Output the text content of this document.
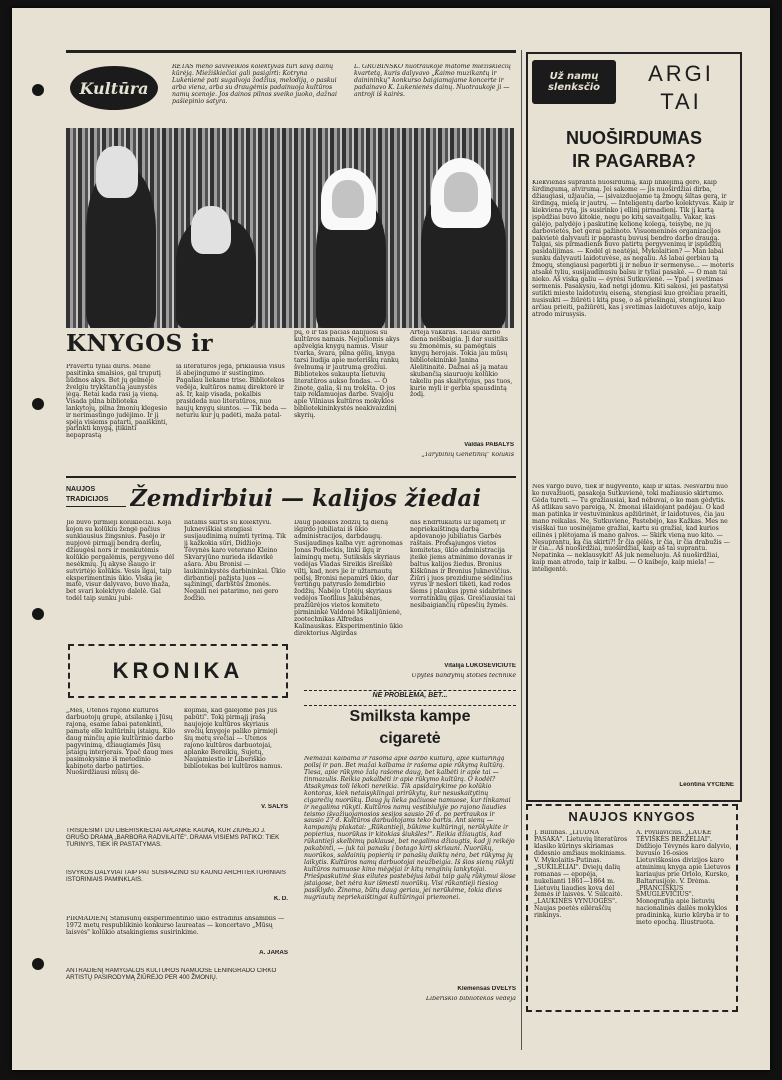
Kultūra
RETAS meno saviveiklos kolektyvas turi savą dainų kūrėją. Miežiškiečiai gali pasigirti: Kotryna Lukenienė pati sugalvoja žodžius, melodiją, o paskui arba viena, arba su draugėmis padainuoja kultūros namų scenoje. Jos dainos pilnos sveiko juoko, dažnai pašiepinio satyra.
L. GRUBINSKO nuotraukoje matome miežiškiečių kvartetą, kuris dalyvavo „Kaimo muzikantų ir dainininkų" konkurso baigiamajame koncerte ir padainavo K. Lukenienės dainų. Nuotraukoje ji — antroji iš kairės.
KNYGOS ir
Pravertu tyliai duris. Mane pasitinka smalsios, gal truputį liūdnos akys. Bet jų gelmėje žvelgiu trykštančią jaunystės jėgą. Retai kada rasi ją vieną. Visada pilna biblioteka lankytojų, pilna žmonių klegesio ir nerimastingo judėjimo. Ir jį spėja visiems patarti, paaiškinti, parinkti knygą, įtikinti nepaprastą
la literatūros jėga, priklausia visus iš abejingumo ir sustingimo. Pagaliau liekame trise. Bibliotekos vedėja, kultūros namų direktorė ir aš. Ir, kaip visada, pokalbis prasideda nuo literatūros, nuo naujų knygų siuntos. — Tik beda — neturiu kur jų padėti, maža patal-
pų, o ir tas pačias dalijuosi su kultūros namais. Nejučiomis akys apžvelgia knygų namus. Visur tvarka, švara, pilna gėlių, knyga tarsi liudija apie moteriškų rankų švelnumą ir jautrumą grožiui. Bibliotekos sukaupta lietuvių literatūros aukso fondas. — O žinote, galia, ši nų trokšta. O jos taip reklamuojas darbe. Svajoju apie Vilniaus kultūros mokyklos bibliotekininkystės neakivaizdinį skyrių.
Artėja vakaras. Tačiau darbo diena neišbaigia. Ji dar susitiks su žmonėmis, su pamėgtais knygų herojais. Tokia jau mūsų bibliotekininkė Janina Alelitinaitė. Dažnai aš ją matau skubančią siauruoju kolūkio takeliu pas skaitytojus, pas tuos, kurie myli ir gerbia spausdintą žodį.
Valdas PABALYS
„Tarybinių Genėtinių" kolūkis
NAUJOS
TRADICIJOS Žemdirbiui — kalijos žiedai
Jie buvo pirmieji kolūkiečiai. Koja kojon su kolūkiu žengė pačius sunkiausius žingsnius. Pasėjo ir nupjovė pirmąjį bendrą derlių, džiaugėsi nors ir menkutėmis kolūkio pergalėmis, pergyveno dėl nesėkmių. Jų akyse išaugo ir sutvirtėjo kolūkis. Vesis ilgai, taip eksperimentinis ūkio. Viską jie matė, visur dalyvavo, buvo maža, bet svari kolektyvo dalelė. Gal todėl taip sunku jubi-
liatams skirtis su kolektyvu. Jukneviškiai stengiasi susijaudinimą nuimti tyrimą. Tik jį kažkokia sūri, Didžiojo Tėvynės karo veterano Kleino Skvaryjūno nurieda išdavikė ašara. Abu Bronisi — laukininkystės darbininkai. Ūkio dirbantieji pažįsta juos — sąžiningi, darbštūs žmonės. Negaili nei patarimo, nei gero žodžio.
Daug padėkos žodžių tą dieną išgirdo jubiliatai iš ūkio administracijos, darbdaugų. Susijaudinęs kalba vyr. agronomas Jonas Podleckis, linki ilgų ir laimingų metų. Sutikskis skyriaus vedėjas Vladas Sireikis išreiškė viltį, kad, nors jie ir užtarnautų poilsį, Bronisi nepamirš ūkio, dar vertingų patyrusio žemdirbio žodžių. Nabėjo Uptėjų skyriaus vedėjos Teofilius Jakubėnas, pražiūrėjos vietos komiteto pirmininkė Valdonė Mikalijūnienė, zootechnikas Alfredas Kalinauskas. Eksperimentinio ūkio direktorius Algirdas
das Endrtukaitis ūž ilgametį ir nepriekaištingą darbą apdovanojo jubiliatus Garbės raštais. Profsąjungos vietos komitetas, ūkio administracija įteikė jiems atminimo dovanas ir baltus kalijos žiedus. Bronius Kiškūnas ir Bronius Juknevičius. Žiūri į juos prezidiume sėdinčius vyrus ir nesiori tikėti, kad rodos šiems į plaukus įpynė sidabrines vorratinklių gijas. Greičiausiai tai nesibaigiančių rūpesčių žymės.
Vitalija LUKOSEVIČIŪTĖ
Upytės bandymų stoties technikė
KRONIKA
„Mes, Utenos rajono kultūros darbuotojų grupė, atsilankę į Jūsų rajoną, esame labai patenkinti, pamatę elle kultūrinių įstaigų. Kilo daug minčių apie kultūrinio darbo pagyvinimą, džiaugiamės Jūsų įstaigų interjerais. Ypač daug mes pasimokysime iš metodinio kabineto darbo patirties. Nuoširdžiausi mūsų dė-
kojimai, kad galėjome pas Jus pabūti". Tokį pirmąjį įrašą naujojoje kultūros skyriaus svečių knygoje paliko pirmieji šių metų svečiai — Utenos rajono kultūros darbuotojai, aplanke Bereikių, Sujetų, Naujamiestio ir Liberiškio bibliotekas bei kultūros namus.
V. SALYS
TRISDESIMT DU LIBERIŠKIEČIAI APLANKE KAUNĄ, KUR ŽIŪRĖJO J. GRUŠO DRAMĄ „BARBORA RADVILAITĖ". DRAMA VISIEMS PATIKO: TIEK TURINYS, TIEK IR PASTATYMAS.
IŠVYKOS DALYVIAI TAIP PAT SUSIPAŽINO SU KAUNO ARCHITEKTŪRINIAIS ISTORINIAIS PAMINKLAIS.
K. D.
PIRMADIENĮ Stanišūnų eksperimentinio ūkio estradinis ansamblis — 1972 metų respublikinio konkurso laureatas — koncertavo „Mūsų laisvės" kolūkio atsakingiems susirinkime.
A. JARAS
ANTRADIENĮ RAMYGALOS KULTŪROS NAMUOSE LENINGRADO CIRKO ARTISTŲ PASIRODYMĄ ŽIŪRĖJO PER 400 ŽMONIŲ.
NE PROBLEMA, BET...
Smilksta kampe
cigaretė
Nemažai kalbama ir rašoma apie darbo kultūrą, apie kultūringą poilsį ir pan. Bet mažai kalbama ir rašoma apie rūkymą kultūrą. Tiesa, apie rūkymo žalą rašome daug, bet kalbėti ir apie tai — tinmazulis. Reikia pakalbėti ir apie rūkymo kultūrą. O kodėl? Atsakymas toli lėkoti nereikia. Tik apsidairykime po kolūkio kontoras, kiek netaisyklingai prirūkytų, kur nesuskaitytinų cigarečių nuorūkų. Daug jų lieka pačiuose namuose, kur tinkamai ir negalima rūkyti. Kultūros namų vestibiulyje po rajono liaudies teismo išvažiuojamosios sesijos sausio 26 d. po pertraukos ir sausio 27 d. Kultūros darbuotojams teko bartis. Ant sienų — kampanijų plakatai: „Rūkantieji, būkime kultūringi, nerūkykite ir popierius, nuorūkas ir kitokias šiukšles!". Reikia džiaugtis, kad rūkantieji skelbimų paklausė, bet negalima džiaugtis, kad jį reikėjo pakabinti, — juk tai panašu į botago kirtį skriauni. Nuorūkų, nuorūkos, saldainių popierių ir panašių daiktų nėra, bet rūkymą jų laikytis. Kultūros namų darbuotojai neužbeigia. Iš šios sienų rūkyti kultūros namuose kino mėgėjai ir kitų renginių lankytojai. Priešpaskutinė šias eilutes pastebėjus labai taip galų rūkymui šiose įstaigose, bet nėra kur išmesti nuorūkų. Visi rūkantieji tiesiog pasiklydo. Žinoma, būtų daug geriau, jei nerūkėme, tokia dievs nugriautų nepriekaištingai kultūringai priemonei.
Klemensas DVELYS
Liberiškio bibliotekos vedėja
Už namų
slenksčio
ARGI
TAI
NUOŠIRDUMAS
IR PAGARBA?
Kiekvienas supranta nuoširdumą, kaip linkėjimą gero, kaip širdingumą, atvirumą. Jei sakome — jis nuoširdžiai dirba, džiaugiasi, užjaučia, — įsivaizduojame tą žmogų šiltas gerą, ir širdingą, mielą ir jautrų. — Inteligentų darbo kolektyvas. Kaip ir kiekviena rytą, jis susirinko į ellinį pirmadienį. Tik jį kartą įspūdžiai buvo kitokie, negu po kitų savaitgalių. Vakar, kas galėjo, palydėjo į paskutinę kelionę kolegą, teisybę, ne jų darbovietės, bet gerai pažinoto. Visuomeninės organizacijos pakvietė dalyvauti ir paprastų buvusį bendro darbo draugą. Talgai, sis pirmadienis buvo patirtų pergyvenimų ir įspūdžių pasidalijimas. — Kodėl gi neatėjai, Mykolaitien? — Man labai sunku dalyvauti laidotuvėse, as negaliu. Aš labai gerbiau tą žmogų, stengiausi pagerbti jį ir nebuo ir sermenyse... — moteris atsakė tyliu, susijaudinusiu balsu ir tyliai pasakė. — O man tai nieko. Aš viską galiu — ėyrėsi Sutkuvienė. — Ypač į svetimas sermenis. Pasakysiu, kad netgi įdomu. Kiti sakosi, jei pastatysi sutikti mieste laidotuvių eiseną, stengiasi kuo greičiau praeiti, nusisukti — žiūrėti i kitą pusę, o aš priešingai, stengiuosi kuo arčiau prieiti, pažiūrėti, kas į svetimas laidotuves atėjo, kaip atrodo mirusysis.
Nes vargo buvo, tiek ir nugyvento, kaip ir kitas. Nesvarbu nuo ko nuvažiuoti, pasakoja Sutkuvienė, toki mažiausio skirtumo. Gėda tureti. — Tu gražiausiai, kad nėbuvai, o ko man gėdytis. Aš atlikau savo pareigą, N. žmonai išlaidojant padėjau. O kad man patinka ir vestuvininkus apžiūrinėt, ir laidotuves, čia jau mano reikalas. Ne, Sutkuviene, Pastebėjo, kas Kažkas. Mes ne visiškai tuo uosinėjame gražiai, kartu su gražiai, kad kurios eilinės į plėtojama iš mano galvos. — Skirk vieną nuo kito. — Nesuprantu, ką čia skirti?! Ir čia gėlės, ir čia, ir čia drabužis — ir čia... Aš nuoširdžiai, nuoširdžiai, kaip aš tai suprantu. Nepatinka — neklausykit! Aš juk nemeluoju. Aš nuoširdžiai, kaip man atrodo, taip ir kalbu. — O kaibejo, kaip miela! — inteligentė.
Leontina VYČIENĖ
NAUJOS KNYGOS
J. Biliūnas. „LIŪDNA PASAKA". Lietuvių literatūros klasiko kūrinys skiriamas didesnio amžiaus mokiniams. V. Mykolaitis-Putinas. „SUKILĖLIAI". Dviejų dalių romanas — epopėja, nukelianti 1861—1864 m. Lietuvių liaudies kovą dėl žemės ir laisvės. V. Sulcaitė. „LAUKINĖS VYNUOGĖS". Naujas poetės eilėraščių rinkinys.
A. Povilavičius. „LAUKE TĖVIŠKĖS BERŽELIAI". Didžiojo Tėvynės karo dalyvio, buvusio 16-osios Lietuviškosios divizijos karo atminimų knyga apie Lietuvos kariaujus prie Orlolo, Kursko, Baltarusijoje. V. Drėma. „PRANCIŠKUS SMUGLEVIČIUS". Monografija apie lietuvių nacionalinės dailės mokyklos pradininką, kurio kūryba ir to meto epochą. Iliustruota.
